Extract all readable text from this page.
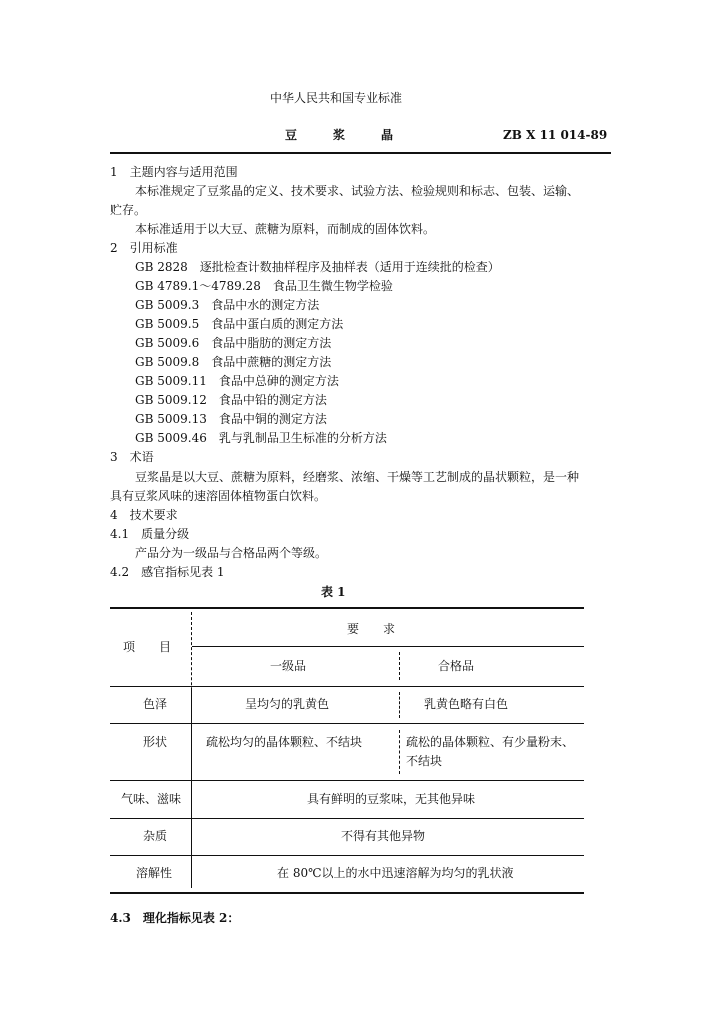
中华人民共和国专业标准
豆　　　浆　　　晶	ZB X 11 014-89
1　主题内容与适用范围
本标准规定了豆浆晶的定义、技术要求、试验方法、检验规则和标志、包装、运输、
贮存。
本标准适用于以大豆、蔗糖为原料，而制成的固体饮料。
2　引用标准
GB 2828　逐批检查计数抽样程序及抽样表（适用于连续批的检查）
GB 4789.1～4789.28　食品卫生微生物学检验
GB 5009.3　食品中水的测定方法
GB 5009.5　食品中蛋白质的测定方法
GB 5009.6　食品中脂肪的测定方法
GB 5009.8　食品中蔗糖的测定方法
GB 5009.11　食品中总砷的测定方法
GB 5009.12　食品中铅的测定方法
GB 5009.13　食品中铜的测定方法
GB 5009.46　乳与乳制品卫生标准的分析方法
3　术语
豆浆晶是以大豆、蔗糖为原料，经磨浆、浓缩、干燥等工艺制成的晶状颗粒，是一种
具有豆浆风味的速溶固体植物蛋白饮料。
4　技术要求
4.1　质量分级
产品分为一级品与合格品两个等级。
4.2　感官指标见表 1
表 1
项　　目
要　　求
一级品	合格品
色泽	呈均匀的乳黄色	乳黄色略有白色
形状	疏松均匀的晶体颗粒、不结块	疏松的晶体颗粒、有少量粉末、
不结块
气味、滋味	具有鲜明的豆浆味，无其他异味
杂质	不得有其他异物
溶解性	在 80℃以上的水中迅速溶解为均匀的乳状液
4.3　理化指标见表 2：
